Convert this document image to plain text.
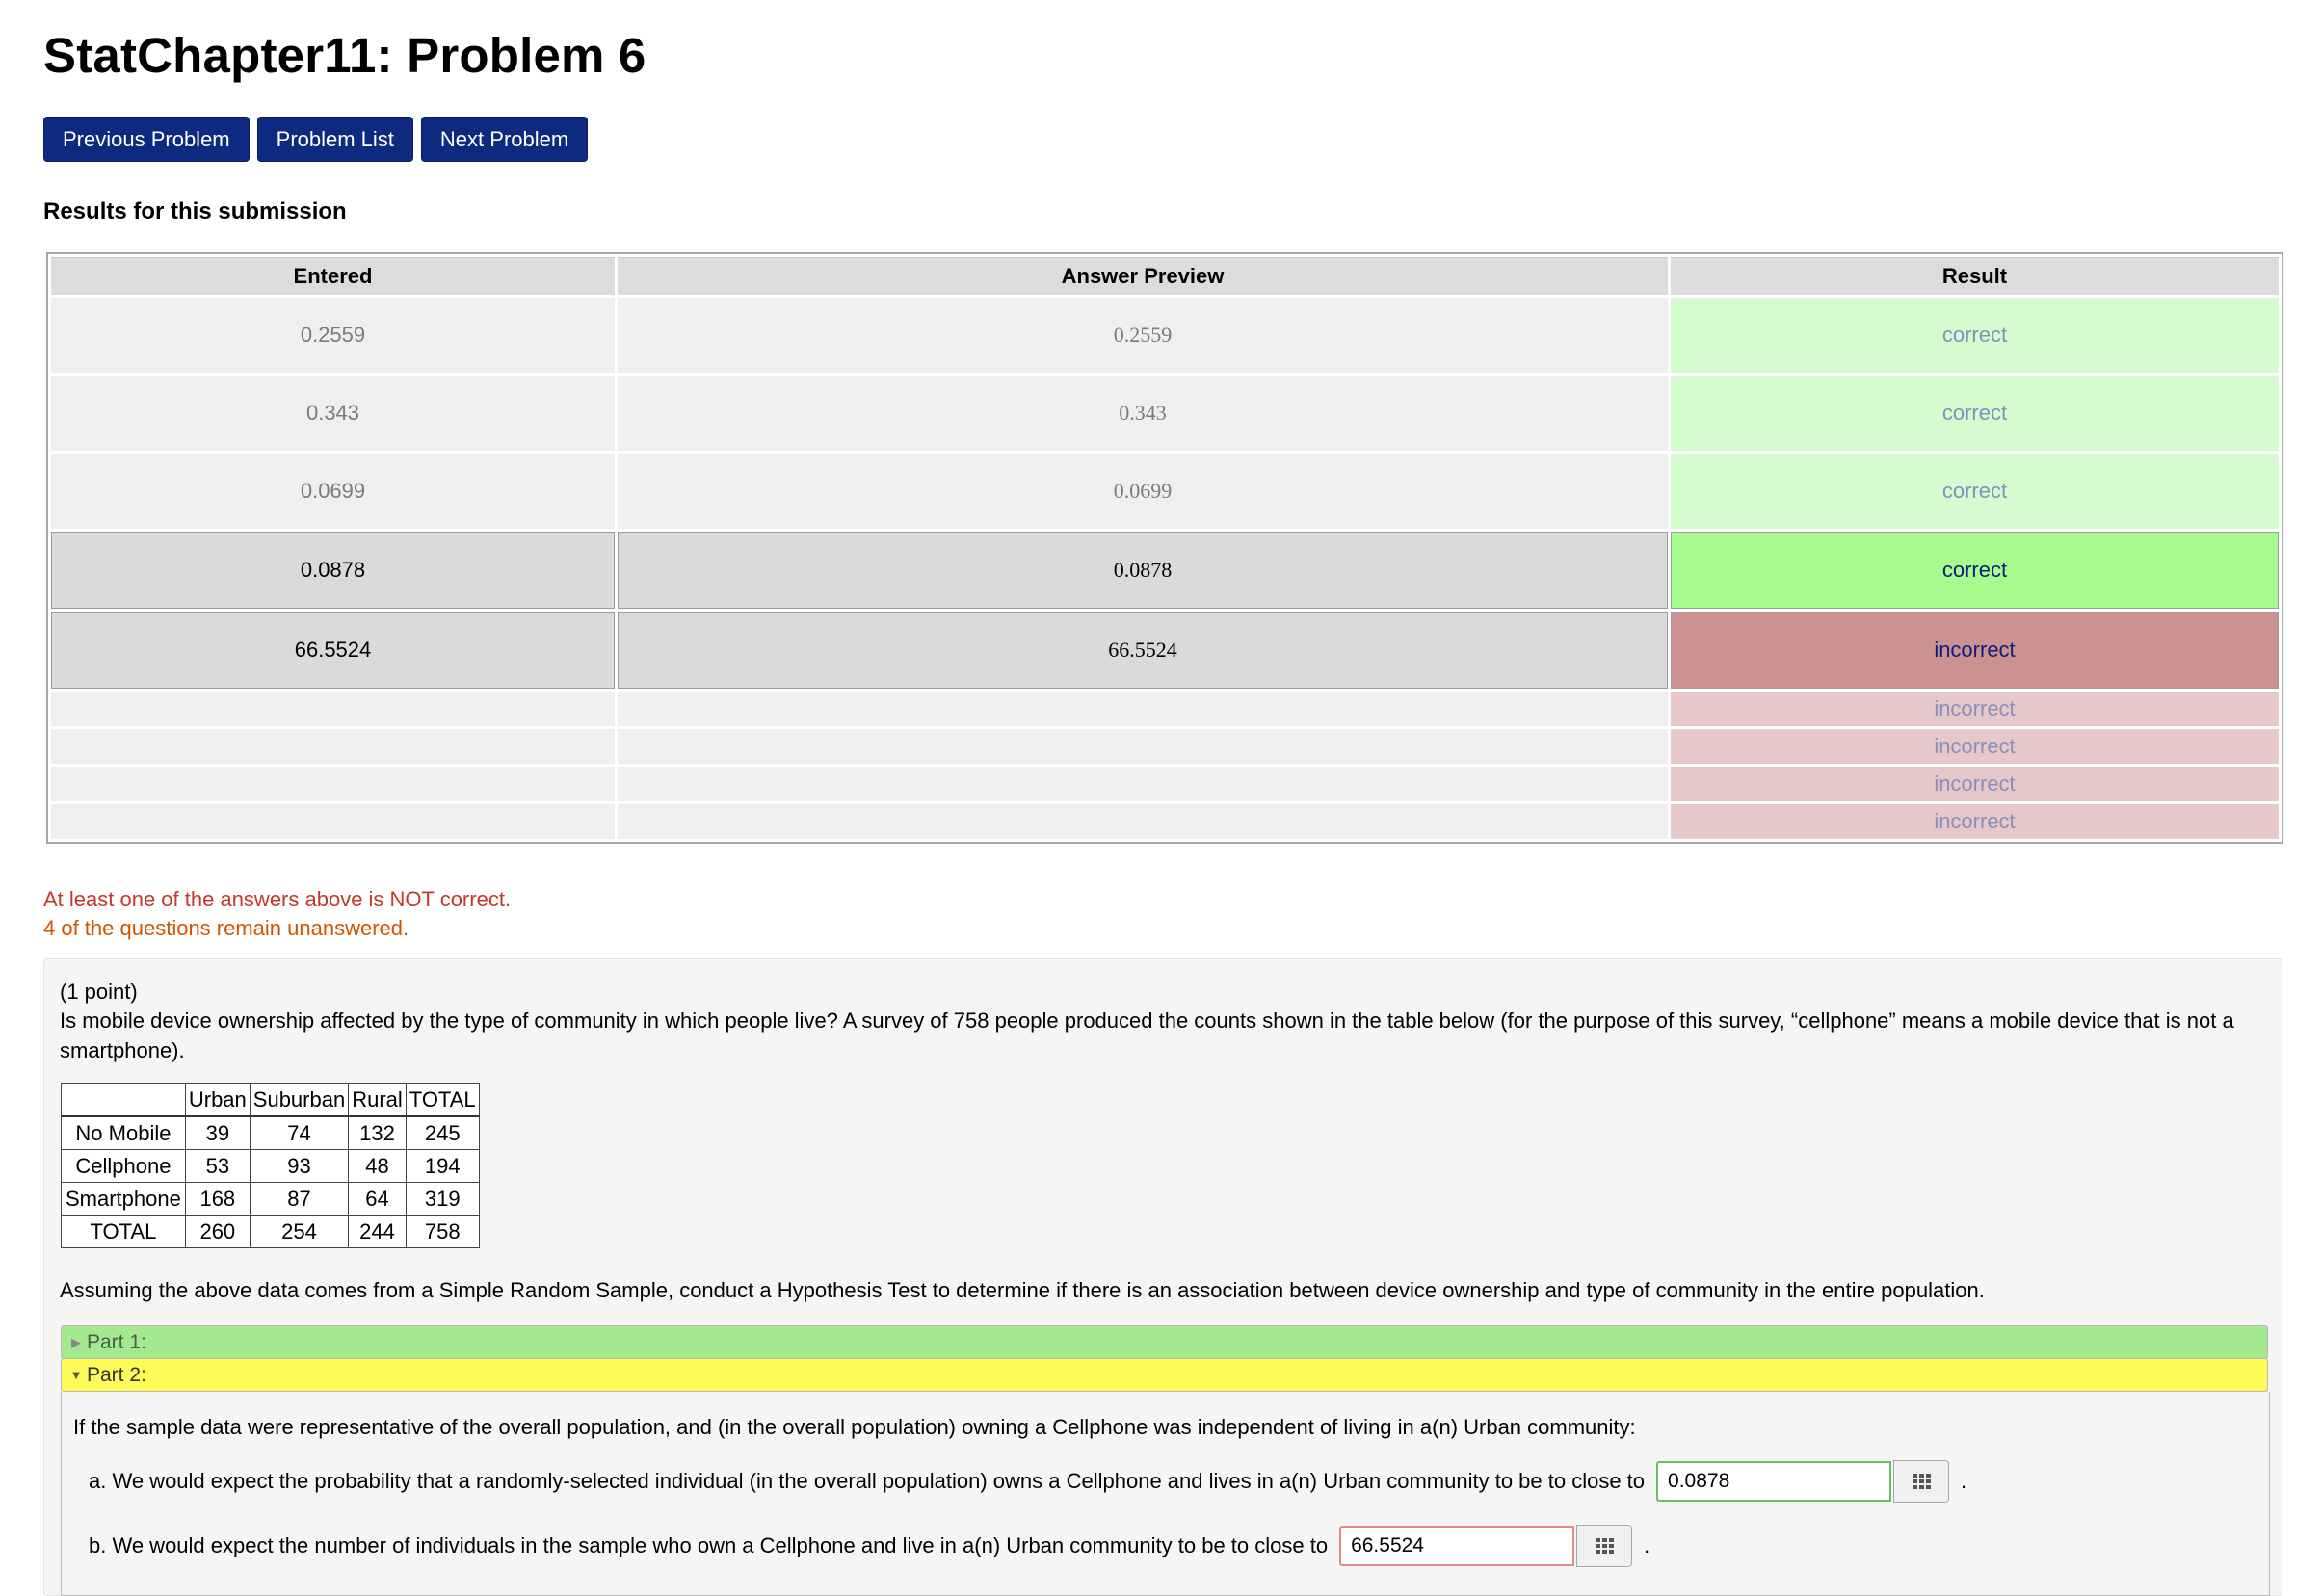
StatChapter11: Problem 6
Previous Problem	Problem List	Next Problem
Results for this submission
Entered	Answer Preview	Result
0.2559	0.2559	correct
0.343	0.343	correct
0.0699	0.0699	correct
0.0878	0.0878	correct
66.5524	66.5524	incorrect
		incorrect
		incorrect
		incorrect
		incorrect
At least one of the answers above is NOT correct.
4 of the questions remain unanswered.

(1 point)

Is mobile device ownership affected by the type of community in which people live? A survey of 758 people produced the counts shown in the table below (for the purpose of this survey, “cellphone” means a mobile device that is not a smartphone).

	Urban	Suburban	Rural	TOTAL
No Mobile	39	74	132	245
Cellphone	53	93	48	194
Smartphone	168	87	64	319
TOTAL	260	254	244	758

Assuming the above data comes from a Simple Random Sample, conduct a Hypothesis Test to determine if there is an association between device ownership and type of community in the entire population.

▶ Part 1:
▼ Part 2:
If the sample data were representative of the overall population, and (in the overall population) owning a Cellphone was independent of living in a(n) Urban community:
a. We would expect the probability that a randomly-selected individual (in the overall population) owns a Cellphone and lives in a(n) Urban community to be to close to
0.0878	.
b. We would expect the number of individuals in the sample who own a Cellphone and live in a(n) Urban community to be to close to
66.5524	.
